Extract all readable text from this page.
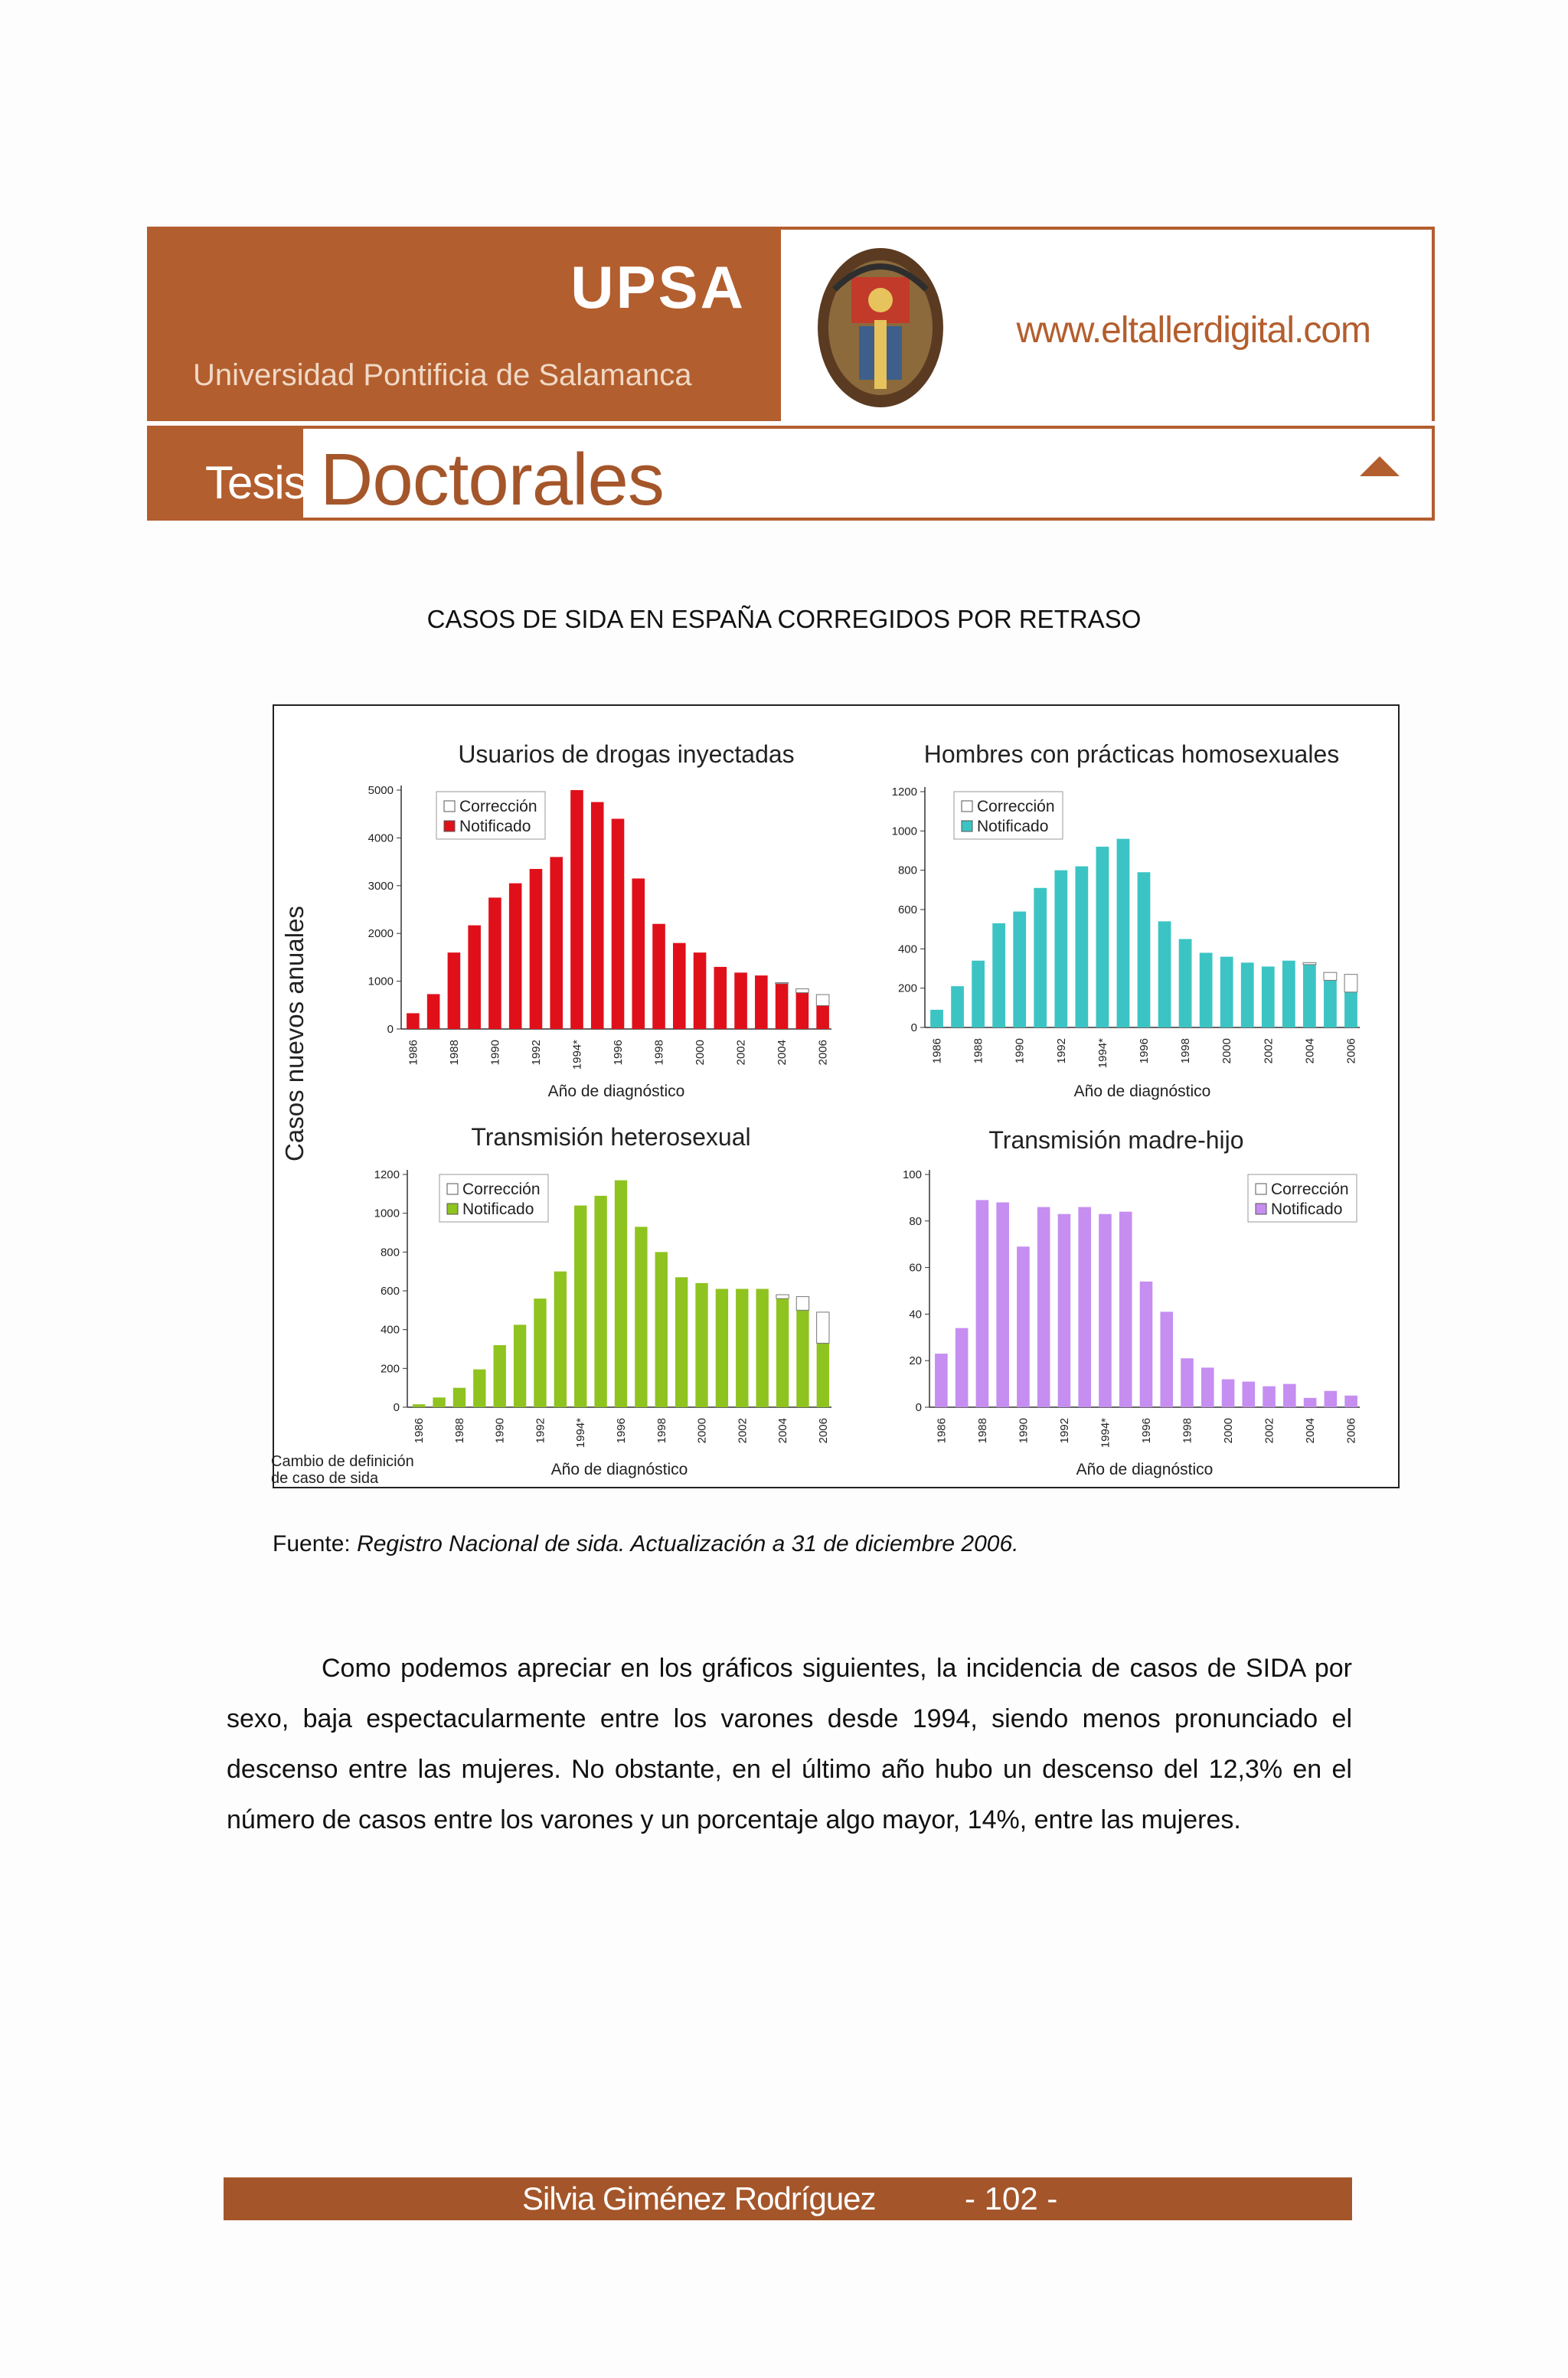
UPSA
Universidad Pontificia de Salamanca
www.eltallerdigital.com
Tesis Doctorales
CASOS DE SIDA EN ESPAÑA CORREGIDOS POR RETRASO
Usuarios de drogas inyectadas
0
1000
2000
3000
4000
5000
1986 1988 1990 1992 1994* 1996 1998 2000 2002 2004 2006
Año de diagnóstico
Corrección
Notificado
Hombres con prácticas homosexuales
0
200
400
600
800
1000
1200
1986 1988 1990 1992 1994* 1996 1998 2000 2002 2004 2006
Año de diagnóstico
Corrección
Notificado
Transmisión heterosexual
0
200
400
600
800
1000
1200
1986 1988 1990 1992 1994* 1996 1998 2000 2002 2004 2006
Año de diagnóstico
Corrección
Notificado
Transmisión madre-hijo
0
20
40
60
80
100
1986 1988 1990 1992 1994* 1996 1998 2000 2002 2004 2006
Año de diagnóstico
Corrección
Notificado
Casos nuevos anuales
Cambio de definición de caso de sida
Fuente: Registro Nacional de sida. Actualización a 31 de diciembre 2006.

Como podemos apreciar en los gráficos siguientes, la incidencia de casos de SIDA por sexo, baja espectacularmente entre los varones desde 1994, siendo menos pronunciado el descenso entre las mujeres. No obstante, en el último año hubo un descenso del 12,3% en el número de casos entre los varones y un porcentaje algo mayor, 14%, entre las mujeres.

Silvia Giménez Rodríguez	- 102 -
